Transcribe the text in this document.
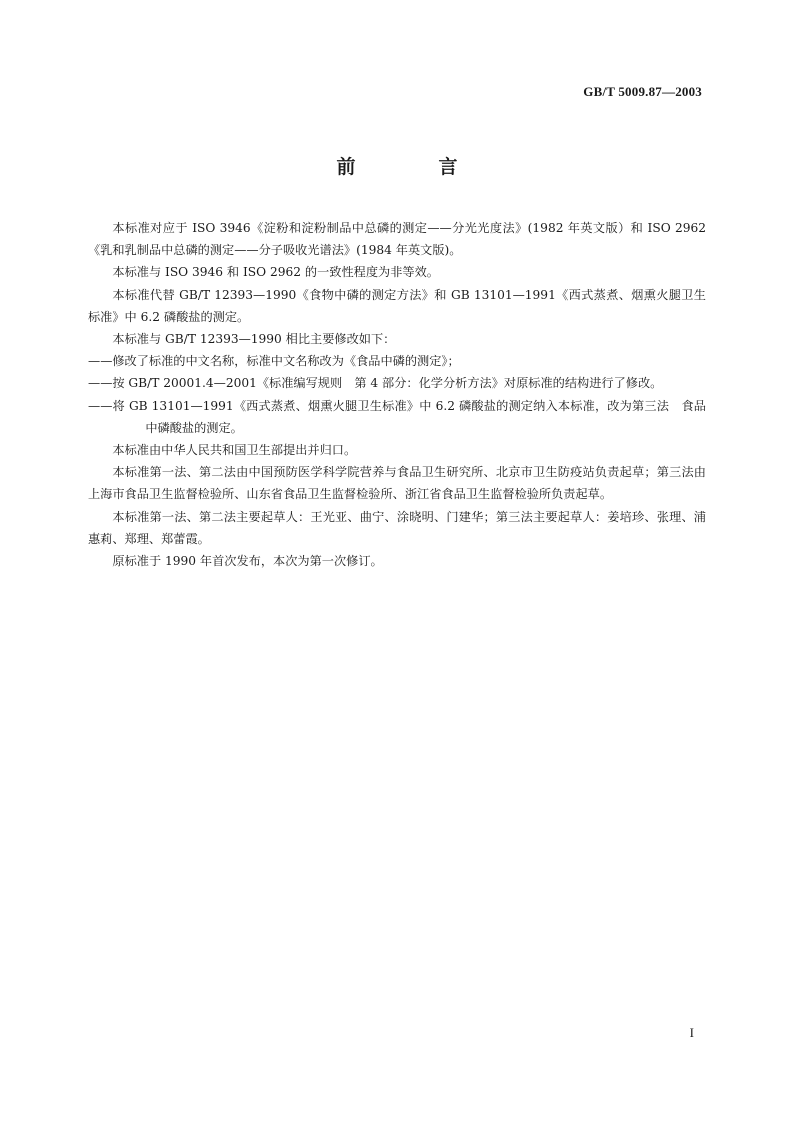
GB/T 5009.87—2003
前　言

本标准对应于 ISO 3946《淀粉和淀粉制品中总磷的测定——分光光度法》(1982 年英文版）和 ISO 2962《乳和乳制品中总磷的测定——分子吸收光谱法》(1984 年英文版)。

本标准与 ISO 3946 和 ISO 2962 的一致性程度为非等效。

本标准代替 GB/T 12393—1990《食物中磷的测定方法》和 GB 13101—1991《西式蒸煮、烟熏火腿卫生标准》中 6.2 磷酸盐的测定。

本标准与 GB/T 12393—1990 相比主要修改如下：

——修改了标准的中文名称，标准中文名称改为《食品中磷的测定》；

——按 GB/T 20001.4—2001《标准编写规则　第 4 部分：化学分析方法》对原标准的结构进行了修改。

——将 GB 13101—1991《西式蒸煮、烟熏火腿卫生标准》中 6.2 磷酸盐的测定纳入本标准，改为第三法　食品中磷酸盐的测定。

本标准由中华人民共和国卫生部提出并归口。

本标准第一法、第二法由中国预防医学科学院营养与食品卫生研究所、北京市卫生防疫站负责起草；第三法由上海市食品卫生监督检验所、山东省食品卫生监督检验所、浙江省食品卫生监督检验所负责起草。

本标准第一法、第二法主要起草人：王光亚、曲宁、涂晓明、门建华；第三法主要起草人：姜培珍、张理、浦惠莉、郑理、郑蕾霞。

原标准于 1990 年首次发布，本次为第一次修订。

I
